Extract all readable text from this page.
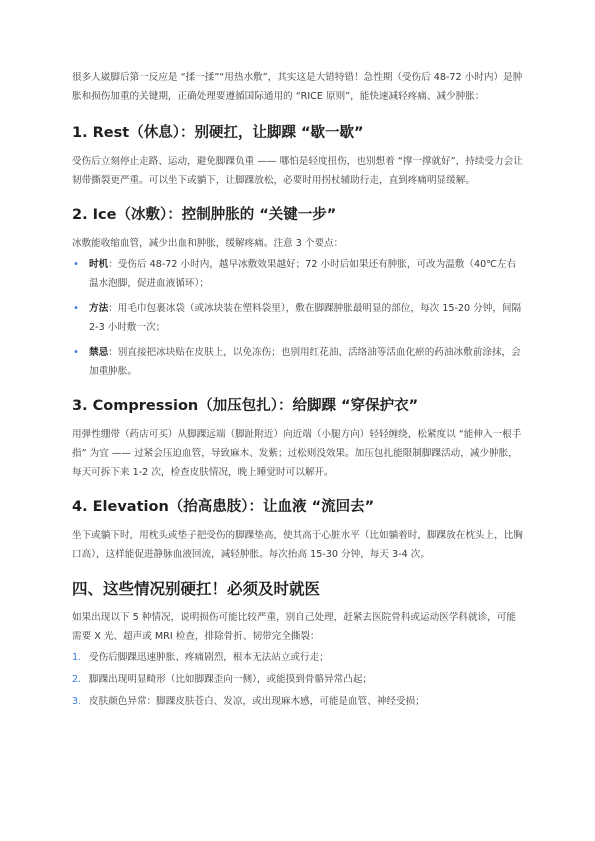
很多人崴脚后第一反应是 “揉一揉”“用热水敷”，其实这是大错特错！急性期（受伤后 48-72 小时内）是肿胀和损伤加重的关键期，正确处理要遵循国际通用的 “RICE 原则”，能快速减轻疼痛、减少肿胀：

1. Rest（休息）：别硬扛，让脚踝 “歇一歇”

受伤后立刻停止走路、运动，避免脚踝负重 —— 哪怕是轻度扭伤，也别想着 “撑一撑就好”，持续受力会让韧带撕裂更严重。可以坐下或躺下，让脚踝放松，必要时用拐杖辅助行走，直到疼痛明显缓解。

2. Ice（冰敷）：控制肿胀的 “关键一步”

冰敷能收缩血管，减少出血和肿胀，缓解疼痛。注意 3 个要点：

• 时机：受伤后 48-72 小时内，越早冰敷效果越好；72 小时后如果还有肿胀，可改为温敷（40℃左右温水泡脚，促进血液循环）；
• 方法：用毛巾包裹冰袋（或冰块装在塑料袋里），敷在脚踝肿胀最明显的部位，每次 15-20 分钟，间隔 2-3 小时敷一次；
• 禁忌：别直接把冰块贴在皮肤上，以免冻伤；也别用红花油、活络油等活血化瘀的药油冰敷前涂抹，会加重肿胀。
3. Compression（加压包扎）：给脚踝 “穿保护衣”

用弹性绷带（药店可买）从脚踝远端（脚趾附近）向近端（小腿方向）轻轻缠绕，松紧度以 “能伸入一根手指” 为宜 —— 过紧会压迫血管，导致麻木、发紫；过松则没效果。加压包扎能限制脚踝活动，减少肿胀，每天可拆下来 1-2 次，检查皮肤情况，晚上睡觉时可以解开。

4. Elevation（抬高患肢）：让血液 “流回去”

坐下或躺下时，用枕头或垫子把受伤的脚踝垫高，使其高于心脏水平（比如躺着时，脚踝放在枕头上，比胸口高），这样能促进静脉血液回流，减轻肿胀。每次抬高 15-30 分钟，每天 3-4 次。

四、这些情况别硬扛！必须及时就医

如果出现以下 5 种情况，说明损伤可能比较严重，别自己处理，赶紧去医院骨科或运动医学科就诊，可能需要 X 光、超声或 MRI 检查，排除骨折、韧带完全撕裂：

1. 受伤后脚踝迅速肿胀、疼痛剧烈，根本无法站立或行走；
2. 脚踝出现明显畸形（比如脚踝歪向一侧），或能摸到骨骼异常凸起；
3. 皮肤颜色异常：脚踝皮肤苍白、发凉，或出现麻木感，可能是血管、神经受损；
